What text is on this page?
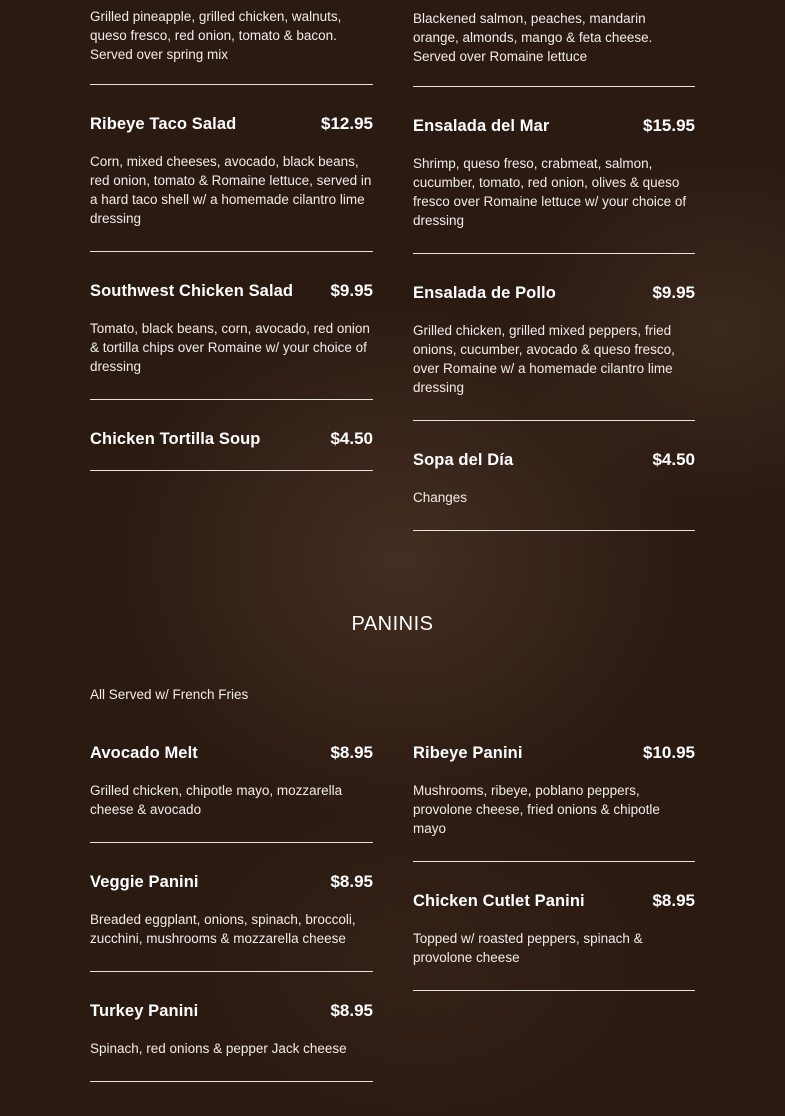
Grilled pineapple, grilled chicken, walnuts, queso fresco, red onion, tomato & bacon. Served over spring mix
Ribeye Taco Salad	$12.95
Corn, mixed cheeses, avocado, black beans, red onion, tomato & Romaine lettuce, served in a hard taco shell w/ a homemade cilantro lime dressing
Southwest Chicken Salad $9.95
Tomato, black beans, corn, avocado, red onion & tortilla chips over Romaine w/ your choice of dressing
Chicken Tortilla Soup	$4.50
Blackened salmon, peaches, mandarin orange, almonds, mango & feta cheese. Served over Romaine lettuce
Ensalada del Mar	$15.95
Shrimp, queso freso, crabmeat, salmon, cucumber, tomato, red onion, olives & queso fresco over Romaine lettuce w/ your choice of dressing
Ensalada de Pollo	$9.95
Grilled chicken, grilled mixed peppers, fried onions, cucumber, avocado & queso fresco, over Romaine w/ a homemade cilantro lime dressing
Sopa del Día	$4.50
Changes
PANINIS
All Served w/ French Fries
Avocado Melt	$8.95
Grilled chicken, chipotle mayo, mozzarella cheese & avocado
Veggie Panini	$8.95
Breaded eggplant, onions, spinach, broccoli, zucchini, mushrooms & mozzarella cheese
Turkey Panini	$8.95
Spinach, red onions & pepper Jack cheese
Ribeye Panini	$10.95
Mushrooms, ribeye, poblano peppers, provolone cheese, fried onions & chipotle mayo
Chicken Cutlet Panini	$8.95
Topped w/ roasted peppers, spinach & provolone cheese
